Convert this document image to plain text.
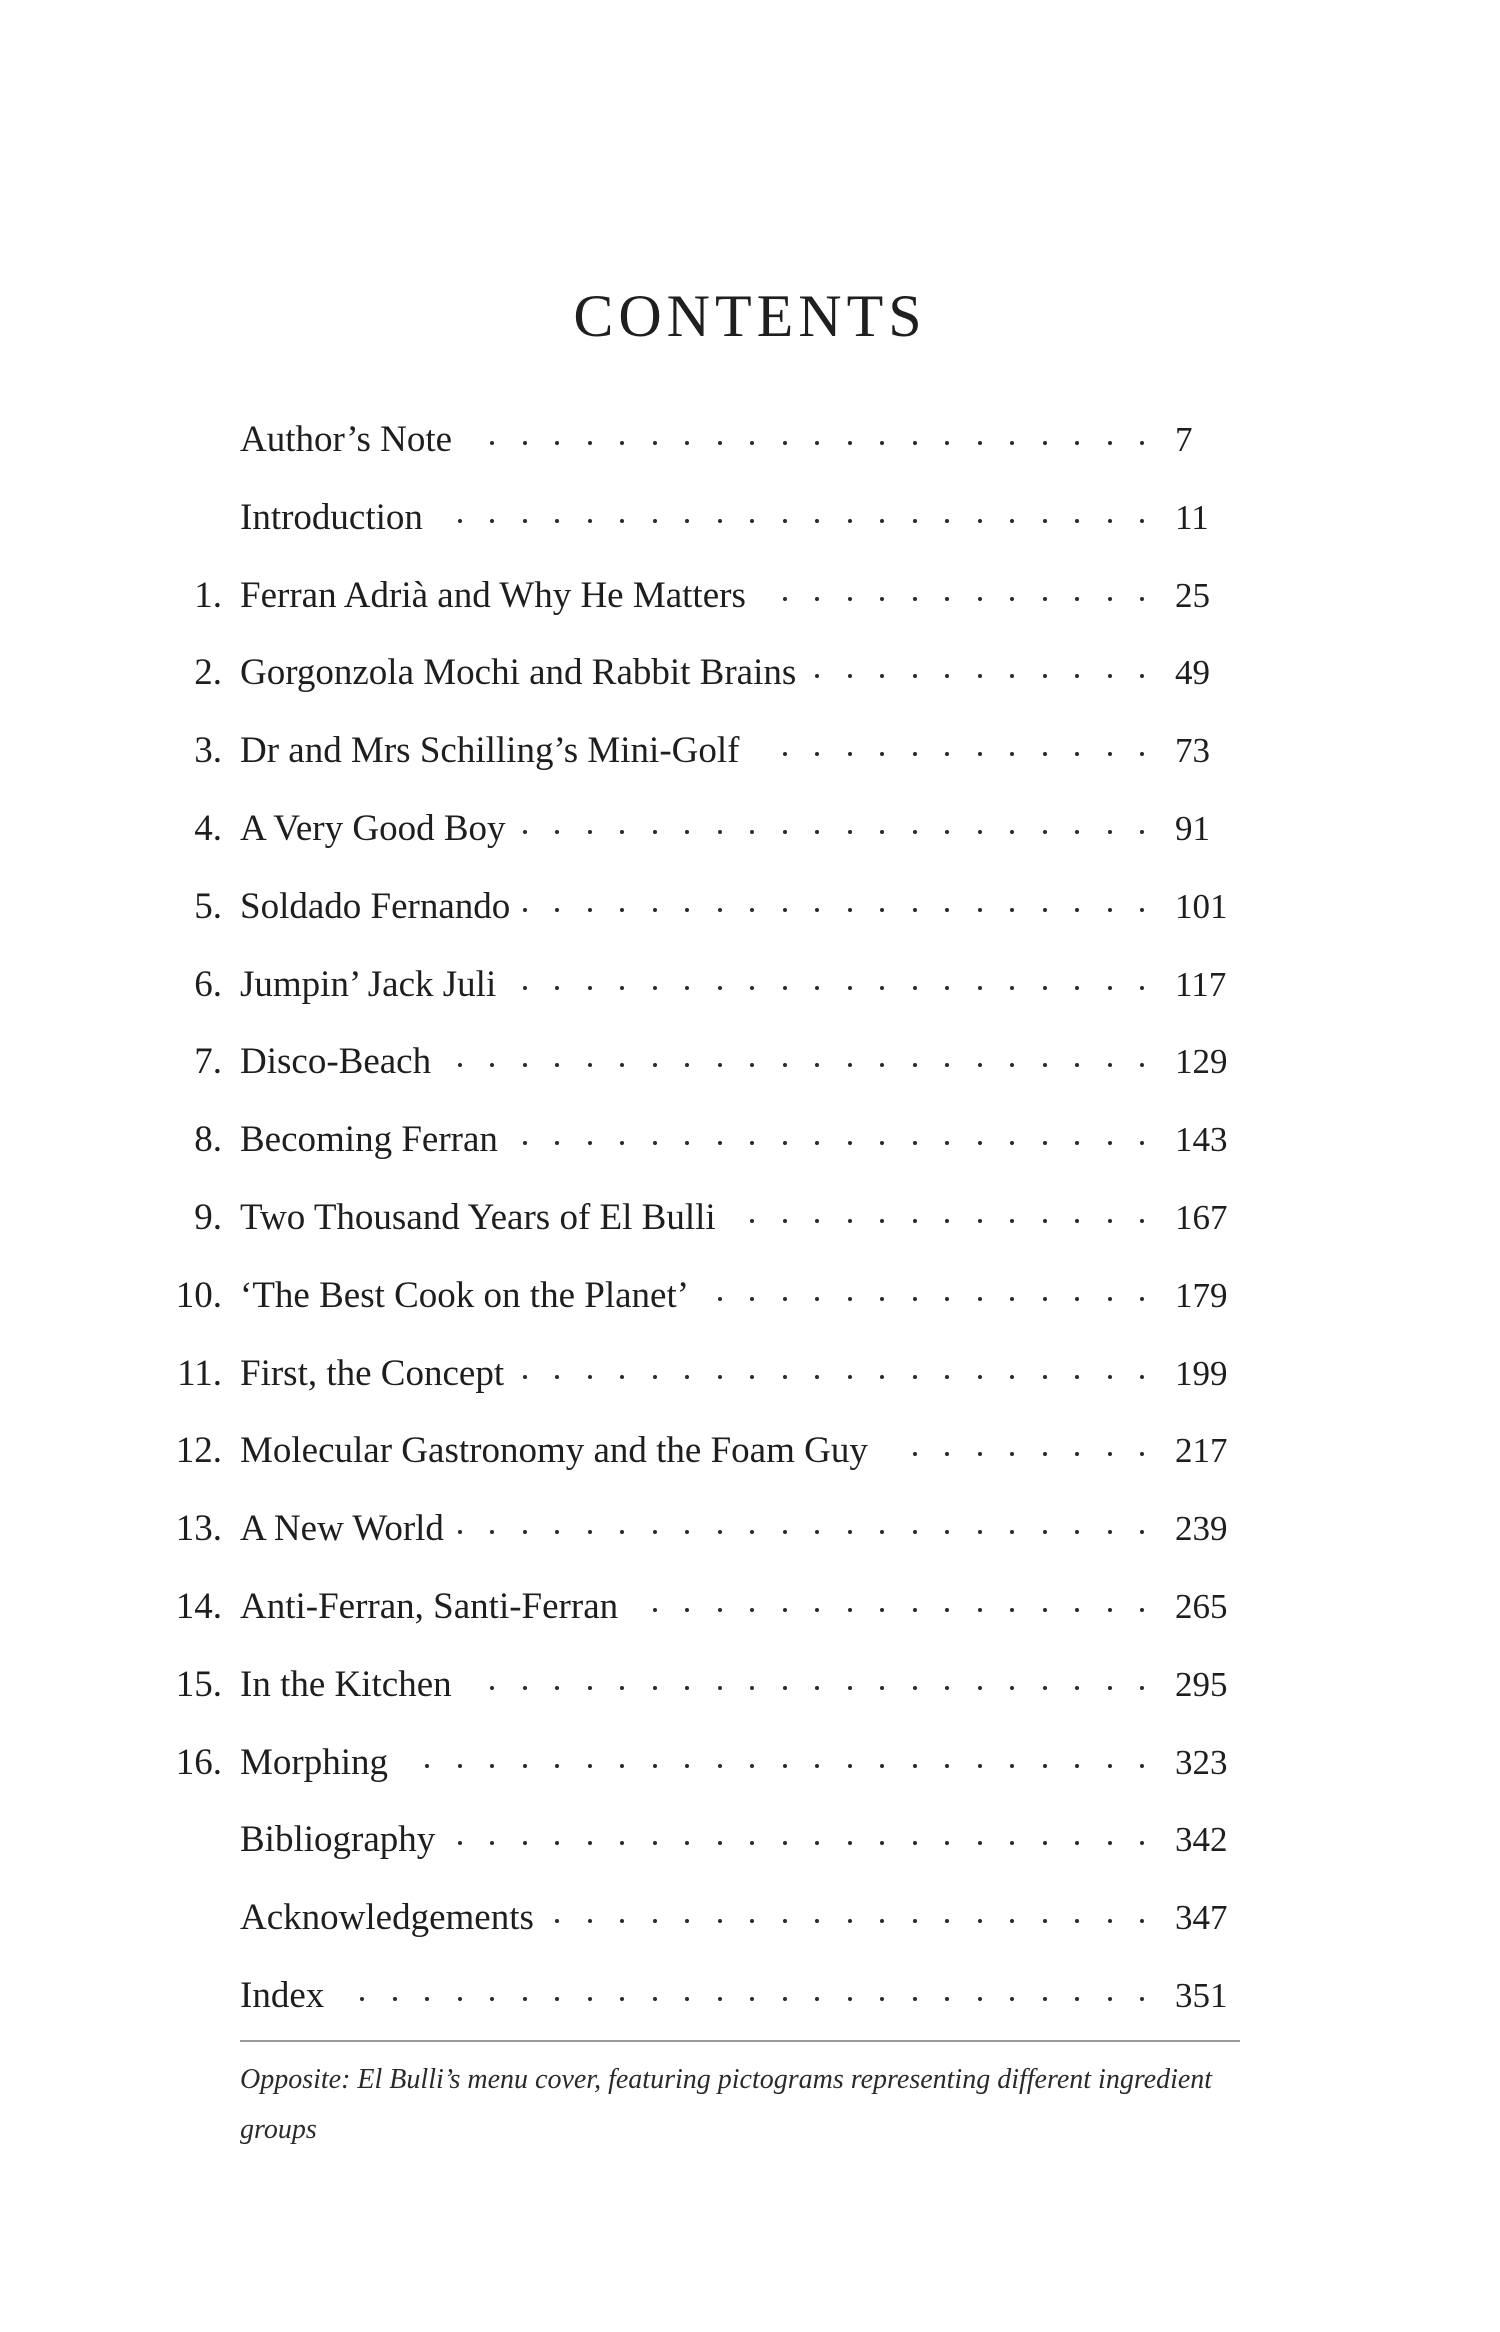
CONTENTS
Author’s Note	7
Introduction	11
1. Ferran Adrià and Why He Matters	25
2. Gorgonzola Mochi and Rabbit Brains	49
3. Dr and Mrs Schilling’s Mini-Golf	73
4. A Very Good Boy	91
5. Soldado Fernando	101
6. Jumpin’ Jack Juli	117
7. Disco-Beach	129
8. Becoming Ferran	143
9. Two Thousand Years of El Bulli	167
10. ‘The Best Cook on the Planet’	179
11. First, the Concept	199
12. Molecular Gastronomy and the Foam Guy	217
13. A New World	239
14. Anti-Ferran, Santi-Ferran	265
15. In the Kitchen	295
16. Morphing	323
Bibliography	342
Acknowledgements	347
Index	351
Opposite: El Bulli’s menu cover, featuring pictograms representing different ingredient groups
